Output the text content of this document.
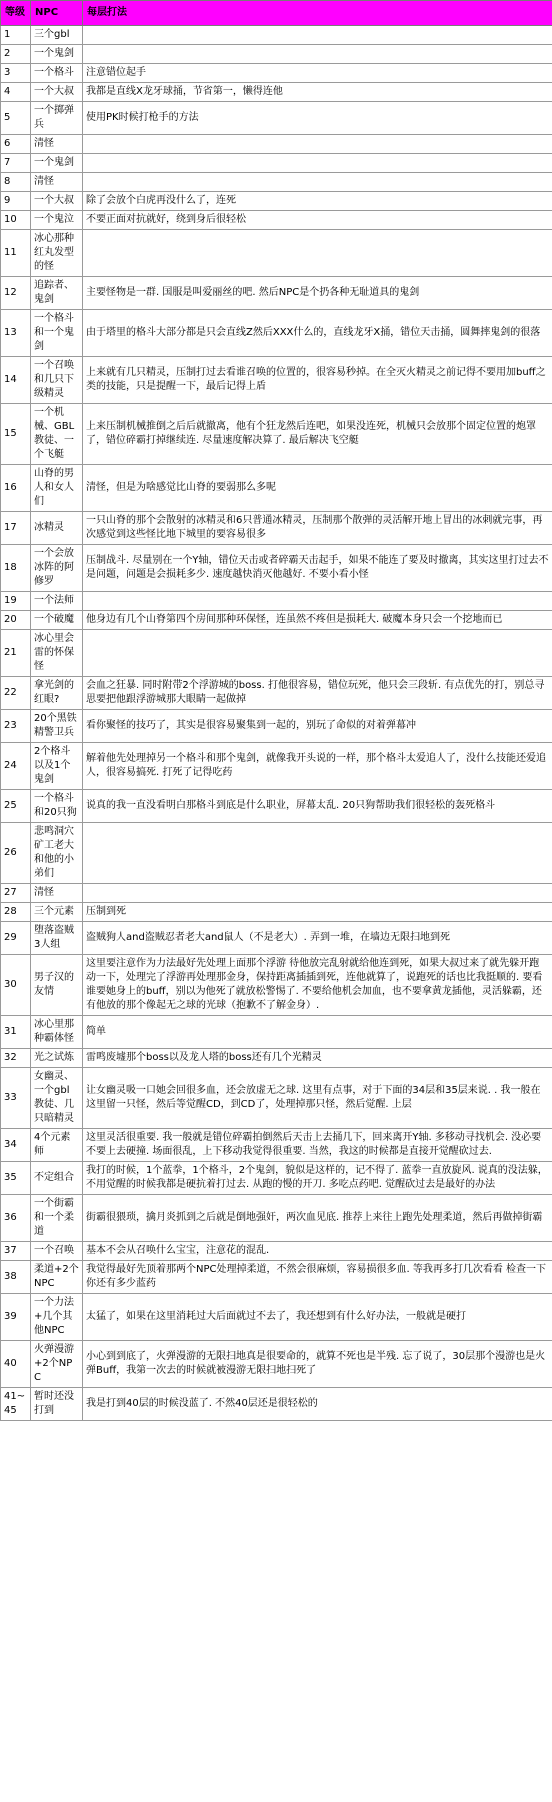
等级	NPC	每层打法
1	三个gbl	
2	一个鬼剑	
3	一个格斗	注意错位起手
4	一个大叔	我都是直线X龙牙球捅，节省第一，懒得连他
5	一个掷弹兵	使用PK时候打枪手的方法
6	清怪	
7	一个鬼剑	
8	清怪	
9	一个大叔	除了会放个白虎再没什么了，连死
10	一个鬼泣	不要正面对抗就好，绕到身后很轻松
11	冰心那种红丸发型的怪	
12	追踪者、鬼剑	主要怪物是一群. 国服是叫爱丽丝的吧. 然后NPC是个扔各种无耻道具的鬼剑
13	一个格斗和一个鬼剑	由于塔里的格斗大部分都是只会直线Z然后XXX什么的，直线龙牙X捅，错位天击捅，圆舞摔鬼剑的很落
14	一个召唤和几只下级精灵	上来就有几只精灵，压制打过去看谁召唤的位置的，很容易秒掉。在全灭火精灵之前记得不要用加buff之类的技能，只是提醒一下，最后记得上盾
15	一个机械、GBL教徒、一个飞艇	上来压制机械推倒之后后就撤离，他有个狂龙然后连吧，如果没连死，机械只会放那个固定位置的炮罩了，错位碎霸打掉继续连. 尽量速度解决算了. 最后解决飞空艇
16	山脊的男人和女人们	清怪，但是为啥感觉比山脊的要弱那么多呢
17	冰精灵	一只山脊的那个会散射的冰精灵和6只普通冰精灵，压制那个散弹的灵活解开地上冒出的冰刺就完事，再次感觉到这些怪比地下城里的要容易很多
18	一个会放冰阵的阿修罗	压制战斗. 尽量别在一个Y轴，错位天击或者碎霸天击起手，如果不能连了要及时撤离，其实这里打过去不是问题，问题是会损耗多少. 速度越快消灭他越好. 不要小看小怪
19	一个法师	
20	一个破魔	他身边有几个山脊第四个房间那种环保怪，连虽然不疼但是损耗大. 破魔本身只会一个挖地而已
21	冰心里会雷的怀保怪	
22	拿光剑的红眼?	会血之狂暴. 同时附带2个浮游城的boss. 打他很容易，错位玩死，他只会三段斩. 有点优先的打，别总寻思要把他跟浮游城那大眼睛一起做掉
23	20个黑铁精警卫兵	看你聚怪的技巧了，其实是很容易聚集到一起的，别玩了命似的对着弹幕冲
24	2个格斗以及1个鬼剑	解着他先处理掉另一个格斗和那个鬼剑，就像我开头说的一样，那个格斗太爱追人了，没什么技能还爱追人，很容易搞死. 打死了记得吃药
25	一个格斗和20只狗	说真的我一直没看明白那格斗到底是什么职业，屏幕太乱. 20只狗帮助我们很轻松的轰死格斗
26	悲鸣洞穴矿工老大和他的小弟们	
27	清怪	
28	三个元素	压制到死
29	堕落盗贼3人组	盗贼狗人and盗贼忍者老大and鼠人（不是老大）. 弄到一堆，在墙边无限扫地到死
30	男子汉的友情	这里要注意作为力法最好先处理上面那个浮游 待他放完乱射就给他连到死，如果大叔过来了就先躲开跑动一下，处理完了浮游再处理那金身，保持距离插插到死，连他就算了，说跑死的话也比我挺顺的. 要看谁要她身上的buff，别以为他死了就放松警惕了. 不要给他机会加血，也不要拿黄龙插他，灵活躲霸，还有他放的那个像起无之球的光球（抱歉不了解金身）.
31	冰心里那种霸体怪	简单
32	光之试炼	雷鸣废墟那个boss以及龙人塔的boss还有几个光精灵
33	女幽灵、一个gbl教徒、几只暗精灵	让女幽灵吸一口她会回很多血，还会放虚无之球. 这里有点事，对于下面的34层和35层来说. . 我一般在这里留一只怪，然后等觉醒CD，到CD了，处理掉那只怪，然后觉醒. 上层
34	4个元素师	这里灵活很重要. 我一般就是错位碎霸拍倒然后天击上去捅几下，回来离开Y轴. 多移动寻找机会. 没必要不要上去硬撞. 场面很乱，上下移动我觉得很重要. 当然，我这的时候都是直接开觉醒砍过去.
35	不定组合	我打的时候，1个蓝拳，1个格斗，2个鬼剑，貌似是这样的，记不得了. 蓝拳一直放旋风. 说真的没法躲，不用觉醒的时候我都是硬抗着打过去. 从跑的慢的开刀. 多吃点药吧. 觉醒砍过去是最好的办法
36	一个街霸和一个柔道	街霸很猥琐，擒月炎抓到之后就是倒地强奸，两次血见底. 推荐上来往上跑先处理柔道，然后再做掉街霸
37	一个召唤	基本不会从召唤什么宝宝，注意花的混乱.
38	柔道+2个NPC	我觉得最好先顶着那两个NPC处理掉柔道，不然会很麻烦，容易损很多血. 等我再多打几次看看 检查一下你还有多少蓝药
39	一个力法+几个其他NPC	太猛了，如果在这里消耗过大后面就过不去了，我还想到有什么好办法，一般就是硬打
40	火弹漫游+2个NPC	小心到到底了，火弹漫游的无限扫地真是很要命的，就算不死也是半残. 忘了说了，30层那个漫游也是火弹Buff，我第一次去的时候就被漫游无限扫地扫死了
41~45	暂时还没打到	我是打到40层的时候没蓝了. 不然40层还是很轻松的
